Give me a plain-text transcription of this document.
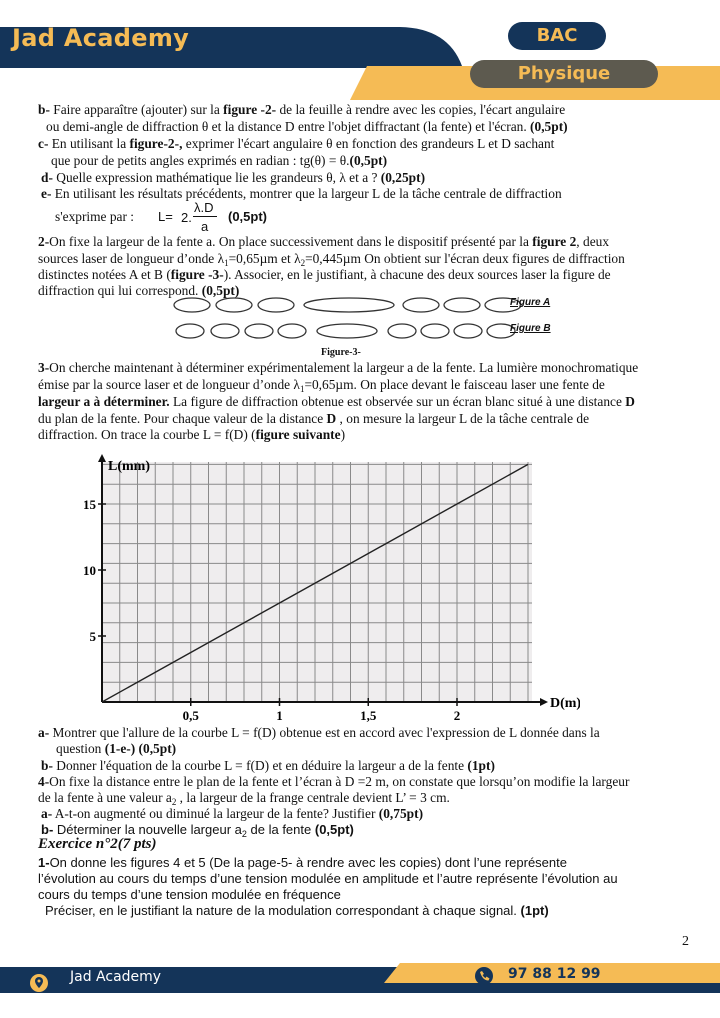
Jad Academy	BAC
Physique
b- Faire apparaître (ajouter) sur la figure -2- de la feuille à rendre avec les copies, l'écart angulaire
ou demi-angle de diffraction θ et la distance D entre l'objet diffractant (la fente) et l'écran. (0,5pt)
c- En utilisant la figure-2-, exprimer l'écart angulaire θ en fonction des grandeurs L et D sachant
que pour de petits angles exprimés en radian : tg(θ) = θ.(0,5pt)
d- Quelle expression mathématique lie les grandeurs θ, λ et a ? (0,25pt)
e- En utilisant les résultats précédents, montrer que la largeur L de la tâche centrale de diffraction
s'exprime par : L= 2.
λ.D
a
(0,5pt)
2-On fixe la largeur de la fente a. On place successivement dans le dispositif présenté par la figure 2, deux
sources laser de longueur d’onde $\lambda_1=0,65\mu m$ et $\lambda_2=0,445\mu m$ On obtient sur l'écran deux figures de diffraction
distinctes notées A et B (figure -3-). Associer, en le justifiant, à chacune des deux sources laser la figure de
diffraction qui lui correspond. (0,5pt)
Figure A
Figure B
Figure-3-
3-On cherche maintenant à déterminer expérimentalement la largeur a de la fente. La lumière monochromatique
émise par la source laser et de longueur d’onde $\lambda_1=0,65\mu m$. On place devant le faisceau laser une fente de
largeur a à déterminer. La figure de diffraction obtenue est observée sur un écran blanc situé à une distance D
du plan de la fente. Pour chaque valeur de la distance D , on mesure la largeur L de la tâche centrale de
diffraction. On trace la courbe L = f(D) (figure suivante)
0,5	1	1,5	2
5
10
15
L(mm)
D(m)
a- Montrer que l'allure de la courbe L = f(D) obtenue est en accord avec l'expression de L donnée dans la
question (1-e-) (0,5pt)
b- Donner l'équation de la courbe L = f(D) et en déduire la largeur a de la fente (1pt)
4-On fixe la distance entre le plan de la fente et l’écran à D =2 m, on constate que lorsqu’on modifie la largeur
de la fente à une valeur $a_2$ , la largeur de la frange centrale devient L’ = 3 cm.
a- A-t-on augmenté ou diminué la largeur de la fente? Justifier (0,75pt)
b- Déterminer la nouvelle largeur $a_2$ de la fente (0,5pt)
Exercice n°2(7 pts)
1-On donne les figures 4 et 5 (De la page-5- à rendre avec les copies) dont l’une représente
l’évolution au cours du temps d’une tension modulée en amplitude et l’autre représente l’évolution au
cours du temps d’une tension modulée en fréquence
Préciser, en le justifiant la nature de la modulation correspondant à chaque signal. (1pt)
2
Jad Academy	97 88 12 99
